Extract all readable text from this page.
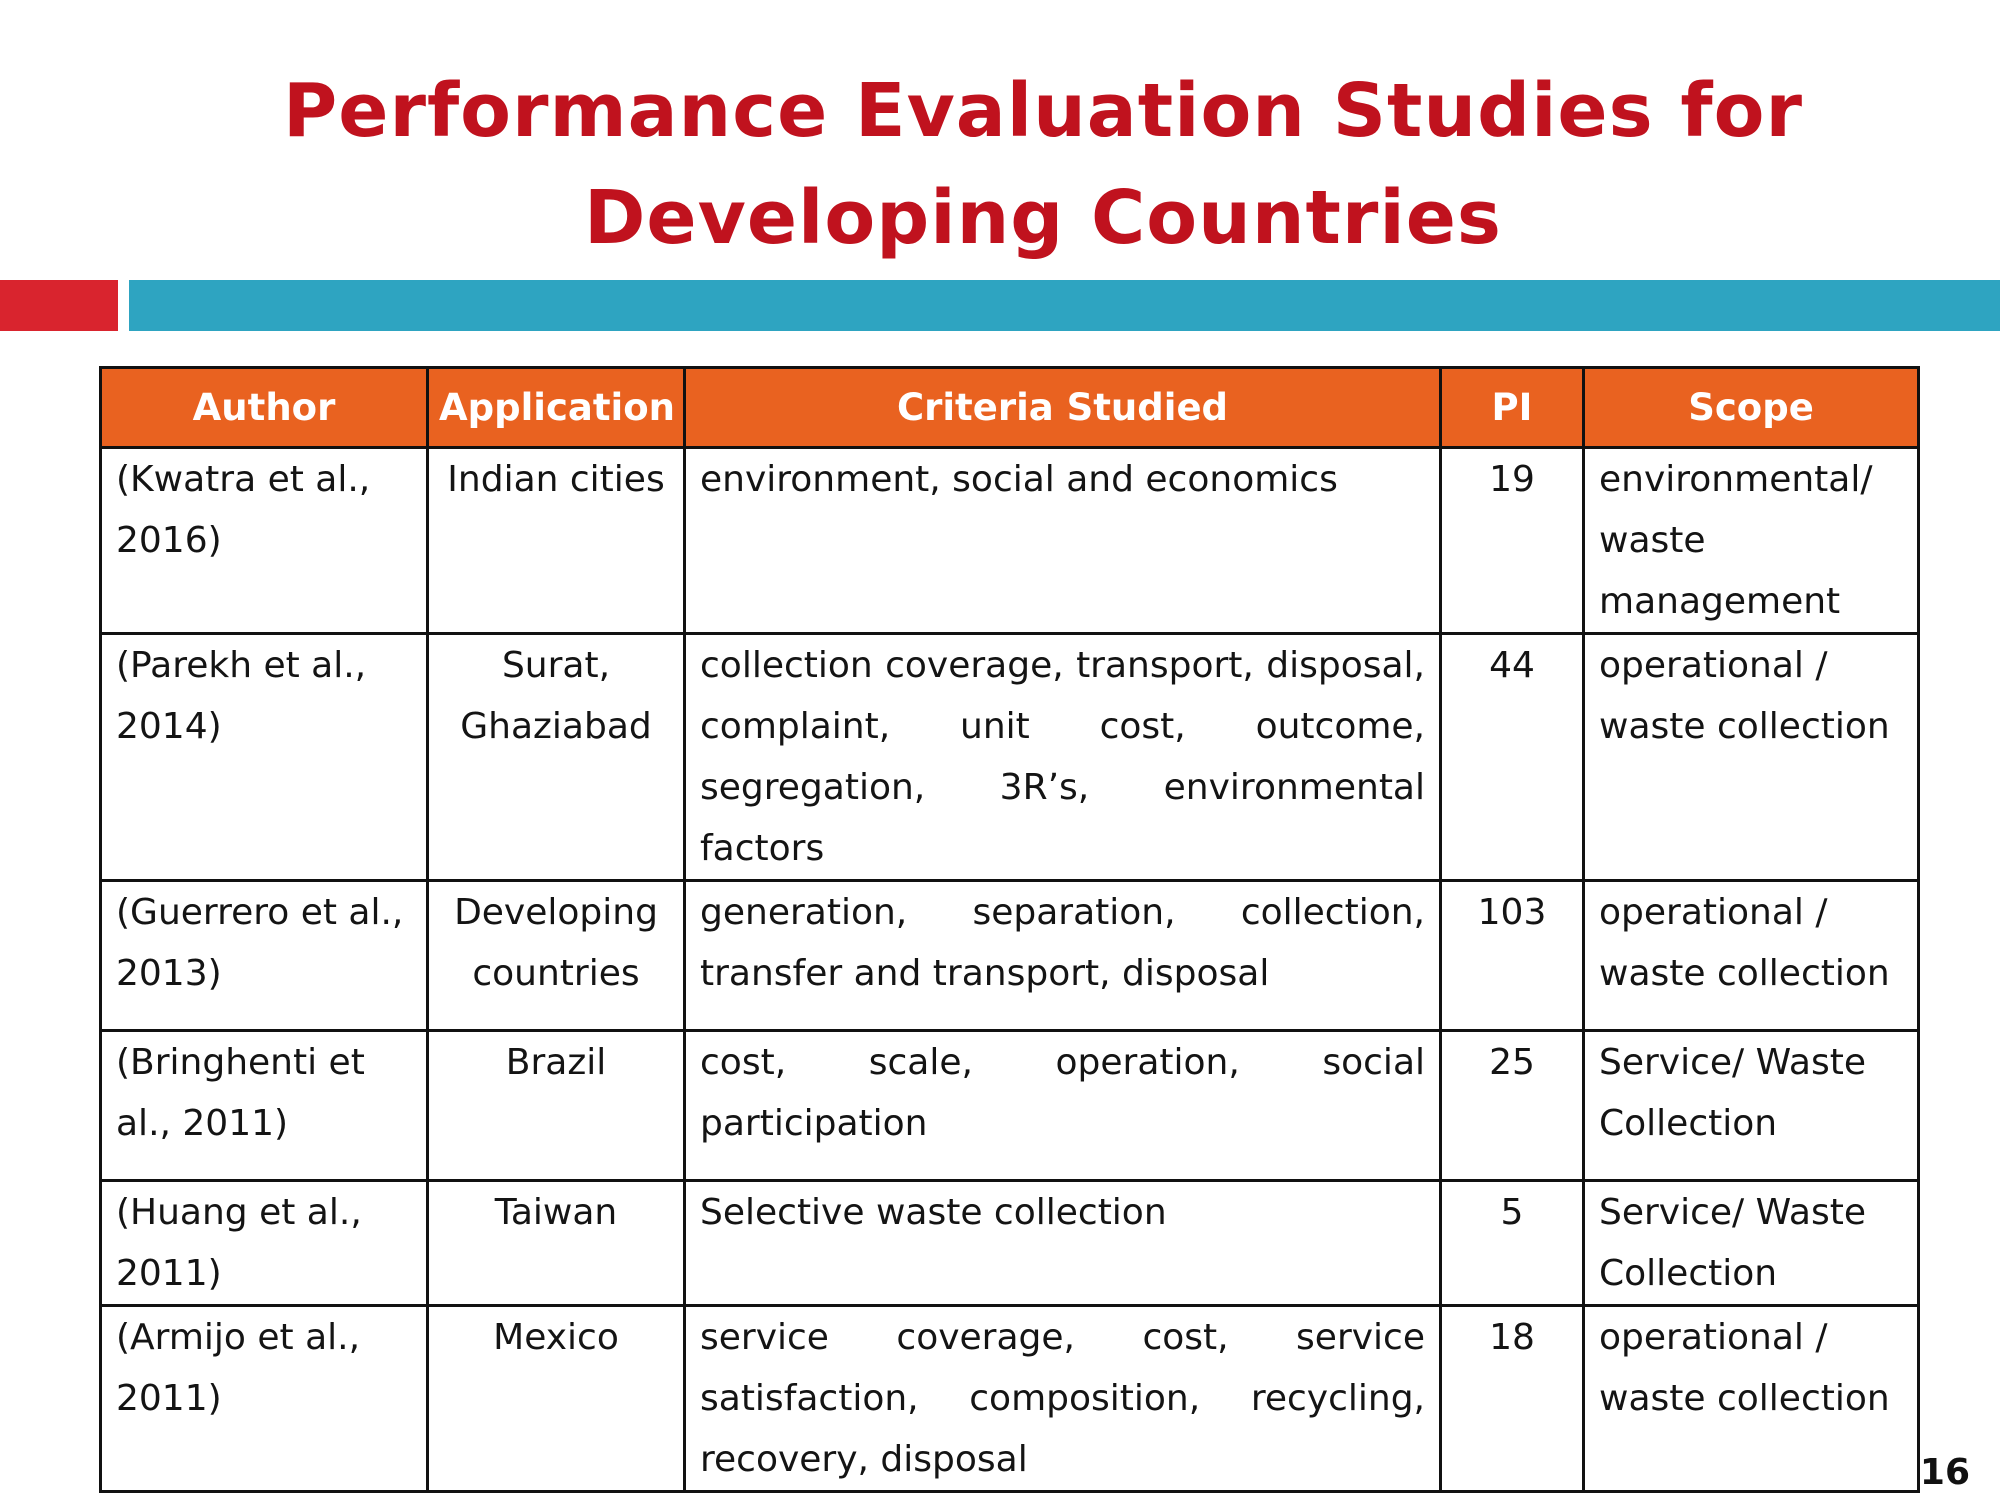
Performance Evaluation Studies for
Developing Countries
Author	Application	Criteria Studied	PI	Scope
(Kwatra et al., 2016)	Indian cities	environment, social and economics	19	environmental/ waste management
(Parekh et al., 2014)	Surat, Ghaziabad	collection coverage, transport, disposal, complaint, unit cost, outcome, segregation, 3R’s, environmental factors	44	operational / waste collection
(Guerrero et al., 2013)	Developing countries	generation, separation, collection, transfer and transport, disposal	103	operational / waste collection
(Bringhenti et al., 2011)	Brazil	cost, scale, operation, social participation	25	Service/ Waste Collection
(Huang et al., 2011)	Taiwan	Selective waste collection	5	Service/ Waste Collection
(Armijo et al., 2011)	Mexico	service coverage, cost, service satisfaction, composition, recycling, recovery, disposal	18	operational / waste collection
16
